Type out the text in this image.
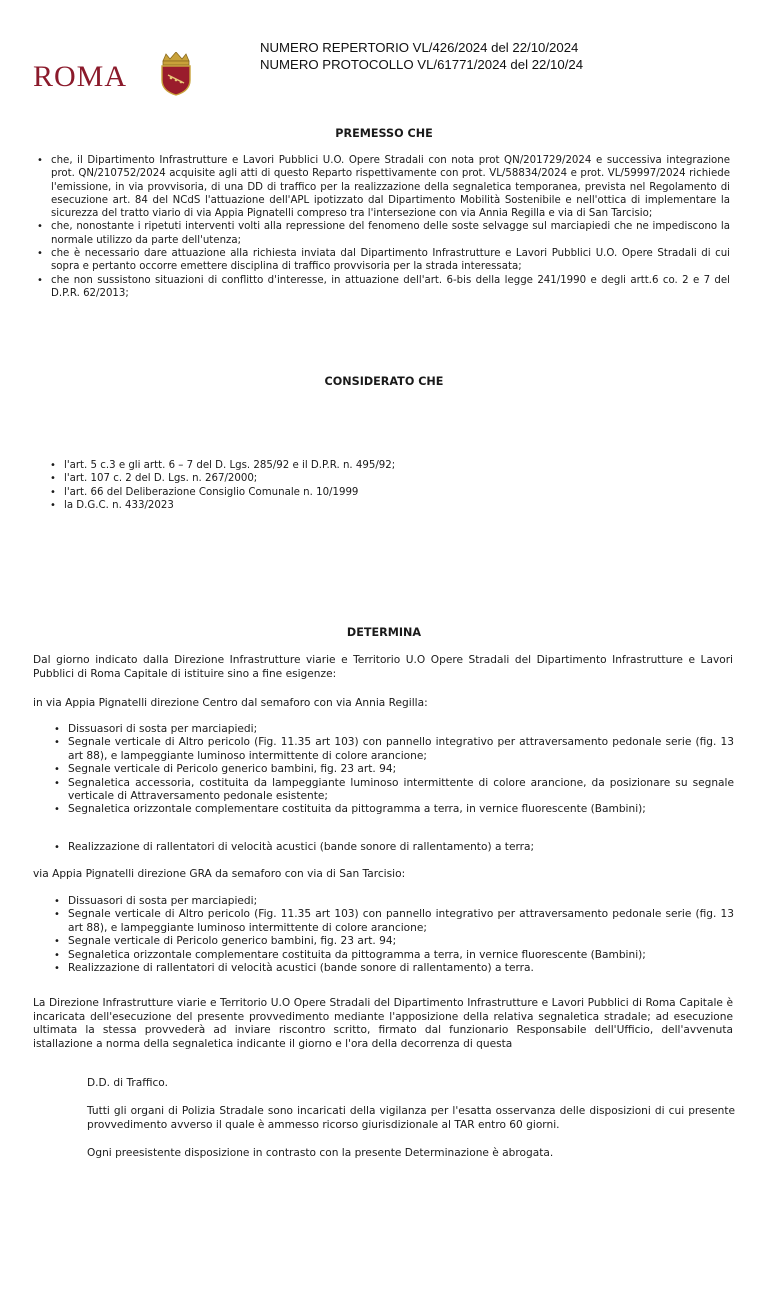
ROMA
NUMERO REPERTORIO VL/426/2024 del 22/10/2024
NUMERO PROTOCOLLO VL/61771/2024 del 22/10/24
PREMESSO CHE
• che, il Dipartimento Infrastrutture e Lavori Pubblici U.O. Opere Stradali con nota prot QN/201729/2024 e successiva integrazione prot. QN/210752/2024 acquisite agli atti di questo Reparto rispettivamente con prot. VL/58834/2024 e prot. VL/59997/2024 richiede l'emissione, in via provvisoria, di una DD di traffico per la realizzazione della segnaletica temporanea, prevista nel Regolamento di esecuzione art. 84 del NCdS l'attuazione dell'APL ipotizzato dal Dipartimento Mobilità Sostenibile e nell'ottica di implementare la sicurezza del tratto viario di via Appia Pignatelli compreso tra l'intersezione con via Annia Regilla e via di San Tarcisio;
• che, nonostante i ripetuti interventi volti alla repressione del fenomeno delle soste selvagge sul marciapiedi che ne impediscono la normale utilizzo da parte dell'utenza;
• che è necessario dare attuazione alla richiesta inviata dal Dipartimento Infrastrutture e Lavori Pubblici U.O. Opere Stradali di cui sopra e pertanto occorre emettere disciplina di traffico provvisoria per la strada interessata;
• che non sussistono situazioni di conflitto d'interesse, in attuazione dell'art. 6-bis della legge 241/1990 e degli artt.6 co. 2 e 7 del D.P.R. 62/2013;
CONSIDERATO CHE
• l'art. 5 c.3 e gli artt. 6 – 7 del D. Lgs. 285/92 e il D.P.R. n. 495/92;
• l'art. 107 c. 2 del D. Lgs. n. 267/2000;
• l'art. 66 del Deliberazione Consiglio Comunale n. 10/1999
• la D.G.C. n. 433/2023
DETERMINA
Dal giorno indicato dalla Direzione Infrastrutture viarie e Territorio U.O Opere Stradali del Dipartimento Infrastrutture e Lavori Pubblici di Roma Capitale di istituire sino a fine esigenze:
in via Appia Pignatelli direzione Centro dal semaforo con via Annia Regilla:
• Dissuasori di sosta per marciapiedi;
• Segnale verticale di Altro pericolo (Fig. 11.35 art 103) con pannello integrativo per attraversamento pedonale serie (fig. 13 art 88), e lampeggiante luminoso intermittente di colore arancione;
• Segnale verticale di Pericolo generico bambini, fig. 23 art. 94;
• Segnaletica accessoria, costituita da lampeggiante luminoso intermittente di colore arancione, da posizionare su segnale verticale di Attraversamento pedonale esistente;
• Segnaletica orizzontale complementare costituita da pittogramma a terra, in vernice fluorescente (Bambini);
• Realizzazione di rallentatori di velocità acustici (bande sonore di rallentamento) a terra;
via Appia Pignatelli direzione GRA da semaforo con via di San Tarcisio:
• Dissuasori di sosta per marciapiedi;
• Segnale verticale di Altro pericolo (Fig. 11.35 art 103) con pannello integrativo per attraversamento pedonale serie (fig. 13 art 88), e lampeggiante luminoso intermittente di colore arancione;
• Segnale verticale di Pericolo generico bambini, fig. 23 art. 94;
• Segnaletica orizzontale complementare costituita da pittogramma a terra, in vernice fluorescente (Bambini);
• Realizzazione di rallentatori di velocità acustici (bande sonore di rallentamento) a terra.
La Direzione Infrastrutture viarie e Territorio U.O Opere Stradali del Dipartimento Infrastrutture e Lavori Pubblici di Roma Capitale è incaricata dell'esecuzione del presente provvedimento mediante l'apposizione della relativa segnaletica stradale; ad esecuzione ultimata la stessa provvederà ad inviare riscontro scritto, firmato dal funzionario Responsabile dell'Ufficio, dell'avvenuta istallazione a norma della segnaletica indicante il giorno e l'ora della decorrenza di questa
D.D. di Traffico.
Tutti gli organi di Polizia Stradale sono incaricati della vigilanza per l'esatta osservanza delle disposizioni di cui presente provvedimento avverso il quale è ammesso ricorso giurisdizionale al TAR entro 60 giorni.
Ogni preesistente disposizione in contrasto con la presente Determinazione è abrogata.
